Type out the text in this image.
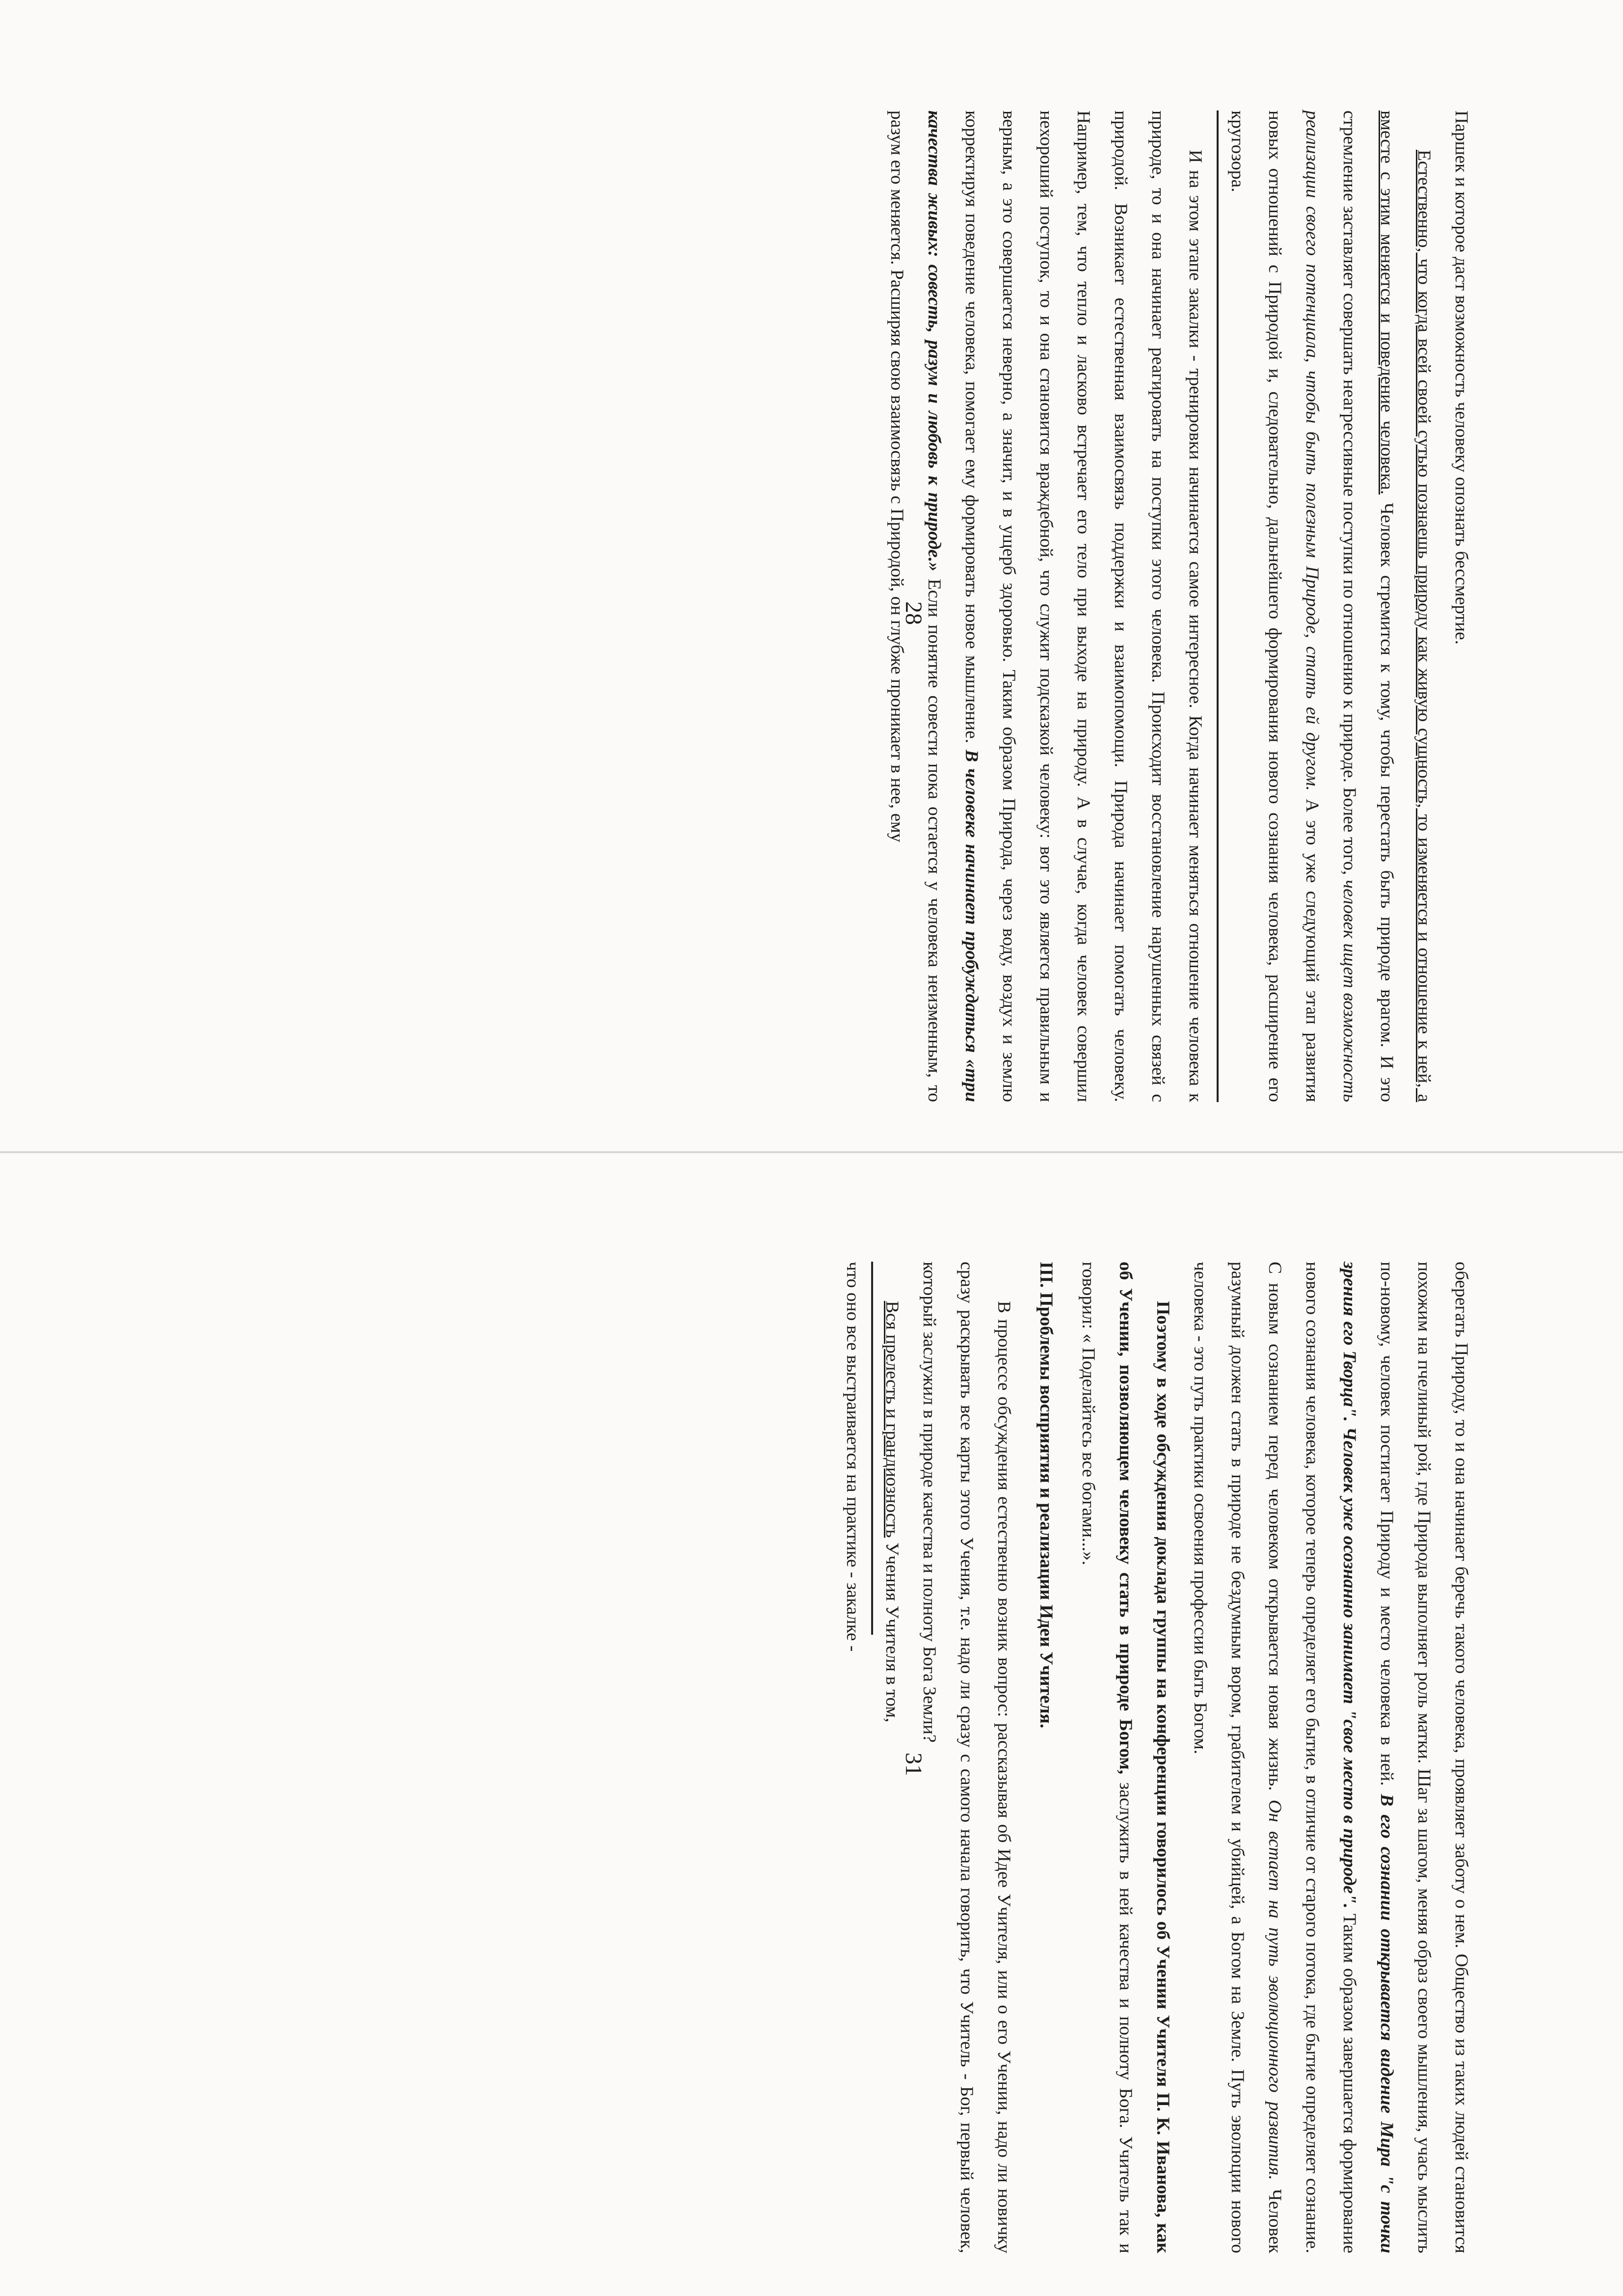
Паршек и которое даст возможность человеку опознать бессмертие.

Естественно, что когда всей своей сутью познаешь природу как живую сущность, то изменяется и отношение к ней, а вместе с этим меняется и поведение человека. Человек стремится к тому, чтобы перестать быть природе врагом. И это стремление заставляет совершать неагрессивные поступки по отношению к природе. Более того, человек ищет возможность реализации своего потенциала, чтобы быть полезным Природе, стать ей другом. А это уже следующий этап развития новых отношений с Природой и, следовательно, дальнейшего формирования нового сознания человека, расширение его кругозора.

И на этом этапе закалки - тренировки начинается самое интересное. Когда начинает меняться отношение человека к природе, то и она начинает реагировать на поступки этого человека. Происходит восстановление нарушенных связей с природой. Возникает естественная взаимосвязь поддержки и взаимопомощи. Природа начинает помогать человеку. Например, тем, что тепло и ласково встречает его тело при выходе на природу. А в случае, когда человек совершил нехороший поступок, то и она становится враждебной, что служит подсказкой человеку: вот это является правильным и верным, а это совершается неверно, а значит, и в ущерб здоровью. Таким образом Природа, через воду, воздух и землю корректируя поведение человека, помогает ему формировать новое мышление. В человеке начинает пробуждаться «три качества живых: совесть, разум и любовь к природе.» Если понятие совести пока остается у человека неизменным, то разум его меняется. Расширяя свою взаимосвязь с Природой, он глубже проникает в нее, ему

28

оберегать Природу, то и она начинает беречь такого человека, проявляет заботу о нем. Общество из таких людей становится похожим на пчелиный рой, где Природа выполняет роль матки. Шаг за шагом, меняя образ своего мышления, учась мыслить по-новому, человек постигает Природу и место человека в ней. В его сознании открывается видение Мира "с точки зрения его Творца". Человек уже осознанно занимает "свое место в природе". Таким образом завершается формирование нового сознания человека, которое теперь определяет его бытие, в отличие от старого потока, где бытие определяет сознание. С новым сознанием перед человеком открывается новая жизнь. Он встает на путь эволюционного развития. Человек разумный должен стать в природе не бездумным вором, грабителем и убийцей, а Богом на Земле. Путь эволюции нового человека - это путь практики освоения профессии быть Богом.

Поэтому в ходе обсуждения доклада группы на конференции говорилось об Учении Учителя П. К. Иванова, как об Учении, позволяющем человеку стать в природе Богом, заслужить в ней качества и полноту Бога. Учитель так и говорил: « Поделайтесь все богами...».

III. Проблемы восприятия и реализации Идеи Учителя.

В процессе обсуждения естественно возник вопрос: рассказывая об Идее Учителя, или о его Учении, надо ли новичку сразу раскрывать все карты этого Учения, т.е. надо ли сразу с самого начала говорить, что Учитель - Бог, первый человек, который заслужил в природе качества и полноту Бога Земли?

Вся прелесть и грандиозность Учения Учителя в том,

что оно все выстраивается на практике - закалке -

31
